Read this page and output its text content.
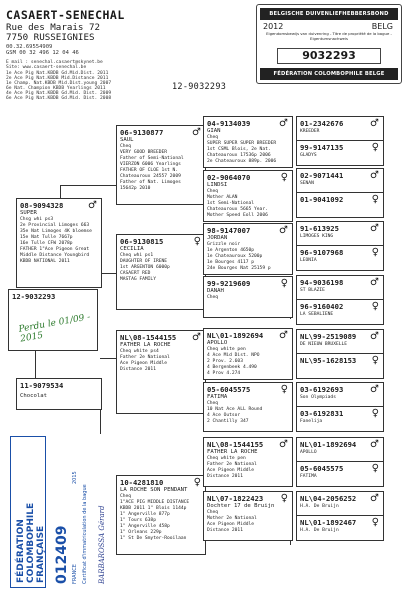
CASAERT-SENECHAL
Rue des Marais 72
7750 RUSSEIGNIES
00.32.69554909
GSM 00 32 496 12 04 46
E mail : senechal.casaert@skynet.be
Site: www.casaert-senechal.be
1e Ace Pig Nat.KBDB Gd.Mid.Dist. 2011
2e Ace Pig Nat.KBDB Mid.Distance 2011
1e Champ. Nat.KBDB Mid.Dist.young 2007
6e Nat. Champion KBDB Yearlings 2011
4e Ace Pig Nat.KBDB Gd.Mid. Dist. 2009
6e Ace Pig Nat.KBDB Gd.Mid. Dist. 2008
12-9032293
BELGISCHE DUIVENLIEFHEBBERSBOND
2012	BELG
Eigendomsbewijs van duivenring - Titre de propriété de la bague - Eigentumsnachweis
9032293
FÉDÉRATION COLOMBOPHILE BELGE
12-9032293
Perdu le 01/09 - 2015
11-9079534
Chocolat
08-9094328 ♂
SUPER
Chsg whi ps3
2e Provincial Limoges 663
35e Nat Limoges 4K bloemse
15e Nat Tulle 7667p
16e Tulle CFW 2078p
FATHER 1"Ace Pigeon Great
Middle Distance Youngbird
KBDB NATIONAL 2011
06-9130877	♂
SAUL
Cheq
VERY GOOD BREEDER
Father of Semi-National
VIERZON 6006 Yearlings
FATHER OF CLOE 1st N.
Chateauroux 24557 2009
Father of Nat. Limoges
15642p 2010
06-9130815	♀
CECILIA
Cheq whi ps1
DAUGHTER OF IRENE
1st ARGENTON 6000p
CASAERT RED
MASTAG FAMILY
NL\08-1544155 ♂
FATHER LA ROCHE
Cheq white ps4
Father 2e National
Ace Pigeon Middle
Distance 2011
10-4281810	♀
LA ROCHE SON PENDANT
Cheq
1"ACE PIG MIDDLE DISTANCE
KBDB 2011 1" Blois 1144p
1" Angerville 877p
1" Tours 638p
1" Angerville 458p
1" Orleans 229p
1" St De Smyter-Rooilaan
04-9134039	♂
GIAN
Cheq
SUPER SUPER SUPER BREEDER
1st CSML Blois, 2e Nat.
Chateauroux 17536p 2006
2e Chateauroux 889p. 2006
02-9064070	♀
LINDSI
Cheq
Mother ALAN
1st Semi-National
Chateauroux 5665 Year.
Mother Speed Eoll 2006
98-9147007	♂
JORDAN
Grizzle noir
1e Argenton 4650p
1e Chateauroux 5200p
1e Bourges 4117 p
24e Bourges Nat 25159 p
99-9219609	♀
DANAH
Cheq
NL\01-1892694 ♂
APOLLO
Cheq white pen
4 Ace Mid Dist. NPO
2 Prov. 2.603
4 Bergenbeek 4.490
4 Prov 4.274
05-6045575	♀
FATIMA
Cheq
10 Nat Ace ALL Round
4 Ace Outsor
2 Chantilly 347
NL\08-1544155 ♂
FATHER LA ROCHE
Cheq white pen
Father 2e National
Ace Pigeon Middle
Distance 2011
NL\07-1822423 ♀
Dochter 17 de Bruijn
Cheq
Mother 2e National
Ace Pigeon Middle
Distance 2011
01-2342676	♂
KREEDER
99-9147135	♀
GLADYS
02-9071441	♂
SENAN
01-9041092	♀
91-613925	♂
LIMOGES KING
96-9107968	♀
LEONIA
94-9036198	♂
ST BLAZIE
96-9160402	♀
LA SEBALIENE
NL\99-2519089 ♂
DE NIEUW BRUXELLE
NL\95-1628153 ♀
03-6192693	♂
Son Olympiads
03-6192831	♀
Fanelija
NL\01-1892694 ♂
APOLLO
05-6045575	♀
FATIMA
NL\04-2056252 ♂
H.A. De Bruijn
NL\01-1892467 ♀
H.A. De Bruijn
FÉDÉRATION COLOMBOPHILE FRANÇAISE 012409 FRANCE
2015
Certificat d'immatriculation de la bague BARBAROSSA Gérard
